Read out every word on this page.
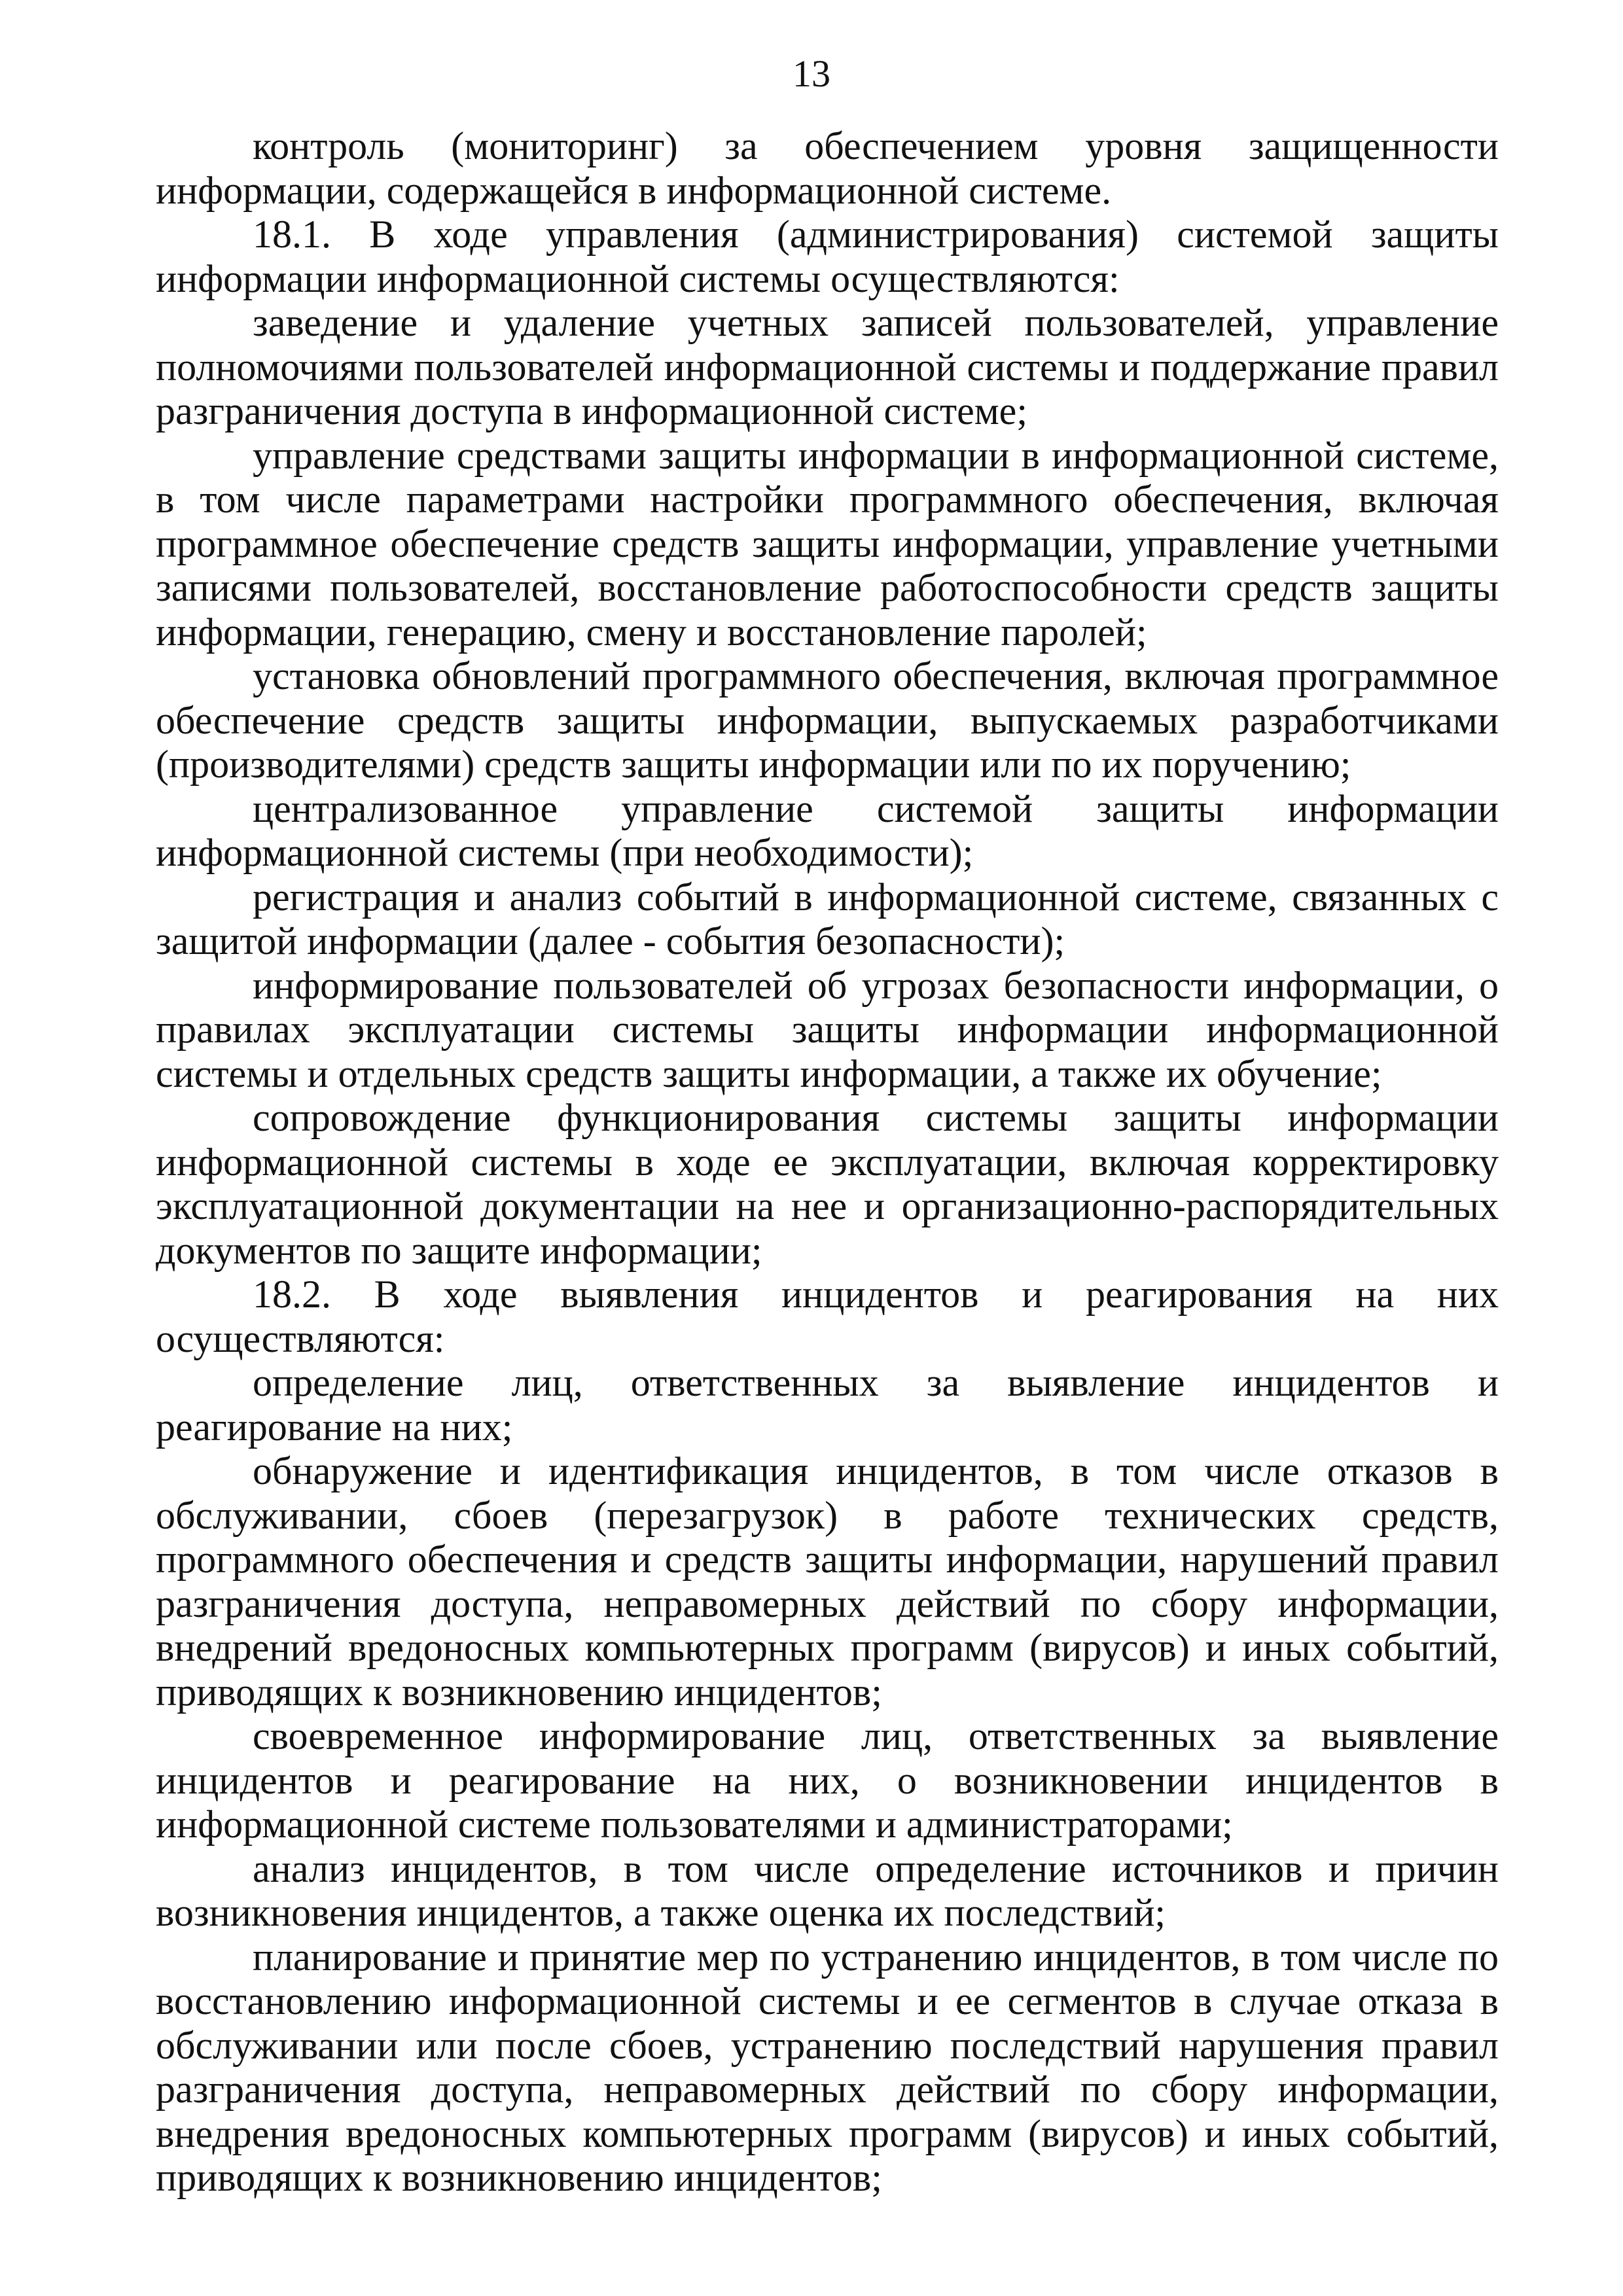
13

контроль (мониторинг) за обеспечением уровня защищенности информации, содержащейся в информационной системе.

18.1. В ходе управления (администрирования) системой защиты информации информационной системы осуществляются:

заведение и удаление учетных записей пользователей, управление полномочиями пользователей информационной системы и поддержание правил разграничения доступа в информационной системе;

управление средствами защиты информации в информационной системе, в том числе параметрами настройки программного обеспечения, включая программное обеспечение средств защиты информации, управление учетными записями пользователей, восстановление работоспособности средств защиты информации, генерацию, смену и восстановление паролей;

установка обновлений программного обеспечения, включая программное обеспечение средств защиты информации, выпускаемых разработчиками (производителями) средств защиты информации или по их поручению;

централизованное управление системой защиты информации информационной системы (при необходимости);

регистрация и анализ событий в информационной системе, связанных с защитой информации (далее - события безопасности);

информирование пользователей об угрозах безопасности информации, о правилах эксплуатации системы защиты информации информационной системы и отдельных средств защиты информации, а также их обучение;

сопровождение функционирования системы защиты информации информационной системы в ходе ее эксплуатации, включая корректировку эксплуатационной документации на нее и организационно-распорядительных документов по защите информации;

18.2. В ходе выявления инцидентов и реагирования на них осуществляются:

определение лиц, ответственных за выявление инцидентов и реагирование на них;

обнаружение и идентификация инцидентов, в том числе отказов в обслуживании, сбоев (перезагрузок) в работе технических средств, программного обеспечения и средств защиты информации, нарушений правил разграничения доступа, неправомерных действий по сбору информации, внедрений вредоносных компьютерных программ (вирусов) и иных событий, приводящих к возникновению инцидентов;

своевременное информирование лиц, ответственных за выявление инцидентов и реагирование на них, о возникновении инцидентов в информационной системе пользователями и администраторами;

анализ инцидентов, в том числе определение источников и причин возникновения инцидентов, а также оценка их последствий;

планирование и принятие мер по устранению инцидентов, в том числе по восстановлению информационной системы и ее сегментов в случае отказа в обслуживании или после сбоев, устранению последствий нарушения правил разграничения доступа, неправомерных действий по сбору информации, внедрения вредоносных компьютерных программ (вирусов) и иных событий, приводящих к возникновению инцидентов;
